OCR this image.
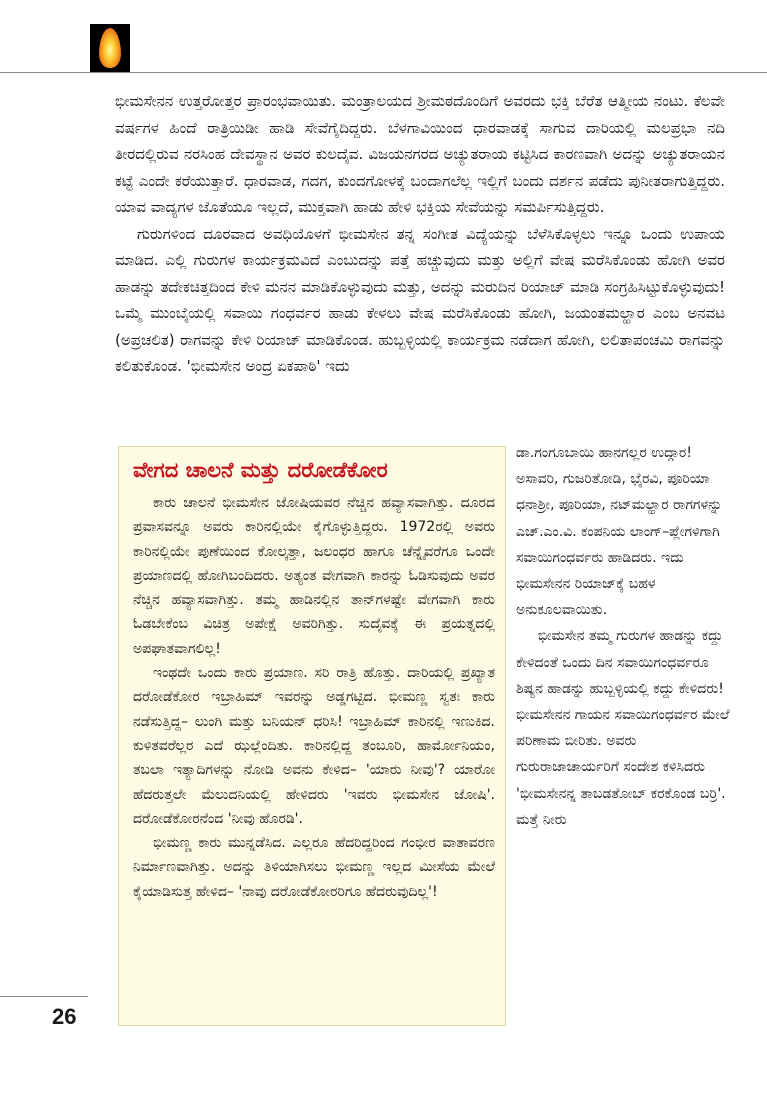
ಭೀಮಸೇನನ ಉತ್ತರೋತ್ತರ ಪ್ರಾರಂಭವಾಯಿತು. ಮಂತ್ರಾಲಯದ ಶ್ರೀಮಠದೊಂದಿಗೆ ಅವರದು ಭಕ್ತಿ ಬೆರೆತ ಆತ್ಮೀಯ ನಂಟು. ಕೆಲವೇ ವರ್ಷಗಳ ಹಿಂದೆ ರಾತ್ರಿಯಿಡೀ ಹಾಡಿ ಸೇವೆಗೈದಿದ್ದರು. ಬೆಳಗಾವಿಯಿಂದ ಧಾರವಾಡಕ್ಕೆ ಸಾಗುವ ದಾರಿಯಲ್ಲಿ ಮಲಪ್ರಭಾ ನದಿ ತೀರದಲ್ಲಿರುವ ನರಸಿಂಹ ದೇವಸ್ಥಾನ ಅವರ ಕುಲದೈವ. ವಿಜಯನಗರದ ಅಚ್ಯುತರಾಯ ಕಟ್ಟಿಸಿದ ಕಾರಣವಾಗಿ ಅದನ್ನು ಅಚ್ಯುತರಾಯನ ಕಟ್ಟೆ ಎಂದೇ ಕರೆಯುತ್ತಾರೆ. ಧಾರವಾಡ, ಗದಗ, ಕುಂದಗೋಳಕ್ಕೆ ಬಂದಾಗಲೆಲ್ಲ ಇಲ್ಲಿಗೆ ಬಂದು ದರ್ಶನ ಪಡೆದು ಪುನೀತರಾಗುತ್ತಿದ್ದರು. ಯಾವ ವಾದ್ಯಗಳ ಜೊತೆಯೂ ಇಲ್ಲದೆ, ಮುಕ್ತವಾಗಿ ಹಾಡು ಹೇಳಿ ಭಕ್ತಿಯ ಸೇವೆಯನ್ನು ಸಮರ್ಪಿಸುತ್ತಿದ್ದರು.

ಗುರುಗಳಿಂದ ದೂರವಾದ ಅವಧಿಯೊಳಗೆ ಭೀಮಸೇನ ತನ್ನ ಸಂಗೀತ ವಿದ್ಯೆಯನ್ನು ಬೆಳೆಸಿಕೊಳ್ಳಲು ಇನ್ನೂ ಒಂದು ಉಪಾಯ ಮಾಡಿದ. ಎಲ್ಲಿ ಗುರುಗಳ ಕಾರ್ಯಕ್ರಮವಿದೆ ಎಂಬುದನ್ನು ಪತ್ತೆ ಹಚ್ಚುವುದು ಮತ್ತು ಅಲ್ಲಿಗೆ ವೇಷ ಮರೆಸಿಕೊಂಡು ಹೋಗಿ ಅವರ ಹಾಡನ್ನು ತದೇಕಚಿತ್ತದಿಂದ ಕೇಳಿ ಮನನ ಮಾಡಿಕೊಳ್ಳುವುದು ಮತ್ತು, ಅದನ್ನು ಮರುದಿನ ರಿಯಾಜ್ ಮಾಡಿ ಸಂಗ್ರಹಿಸಿಟ್ಟುಕೊಳ್ಳುವುದು! ಒಮ್ಮೆ ಮುಂಬೈಯಲ್ಲಿ ಸವಾಯಿ ಗಂಧರ್ವರ ಹಾಡು ಕೇಳಲು ವೇಷ ಮರೆಸಿಕೊಂಡು ಹೋಗಿ, ಜಯಂತಮಲ್ಹಾರ ಎಂಬ ಅನವಟ (ಅಪ್ರಚಲಿತ) ರಾಗವನ್ನು ಕೇಳಿ ರಿಯಾಜ್ ಮಾಡಿಕೊಂಡ. ಹುಬ್ಬಳ್ಳಿಯಲ್ಲಿ ಕಾರ್ಯಕ್ರಮ ನಡೆದಾಗ ಹೋಗಿ, ಲಲಿತಾಪಂಚಮಿ ರಾಗವನ್ನು ಕಲಿತುಕೊಂಡ. 'ಭೀಮಸೇನ ಅಂದ್ರ ಏಕಪಾಠಿ' ಇದು

ವೇಗದ ಚಾಲನೆ ಮತ್ತು ದರೋಡೆಕೋರ

ಕಾರು ಚಾಲನೆ ಭೀಮಸೇನ ಜೋಷಿಯವರ ನೆಚ್ಚಿನ ಹವ್ಯಾಸವಾಗಿತ್ತು. ದೂರದ ಪ್ರವಾಸವನ್ನೂ ಅವರು ಕಾರಿನಲ್ಲಿಯೇ ಕೈಗೊಳ್ಳುತ್ತಿದ್ದರು. 1972ರಲ್ಲಿ ಅವರು ಕಾರಿನಲ್ಲಿಯೇ ಪುಣೆಯಿಂದ ಕೋಲ್ಕತ್ತಾ, ಜಲಂಧರ ಹಾಗೂ ಚೆನ್ನೈವರೆಗೂ ಒಂದೇ ಪ್ರಯಾಣದಲ್ಲಿ ಹೋಗಿಬಂದಿದರು. ಅತ್ಯಂತ ವೇಗವಾಗಿ ಕಾರನ್ನು ಓಡಿಸುವುದು ಅವರ ನೆಚ್ಚಿನ ಹವ್ಯಾಸವಾಗಿತ್ತು. ತಮ್ಮ ಹಾಡಿನಲ್ಲಿನ ತಾನ್‌ಗಳಷ್ಟೇ ವೇಗವಾಗಿ ಕಾರು ಓಡಬೇಕೆಂಬ ವಿಚಿತ್ರ ಅಪೇಕ್ಷೆ ಅವರಿಗಿತ್ತು. ಸುದೈವಕ್ಕೆ ಈ ಪ್ರಯತ್ನದಲ್ಲಿ ಅಪಘಾತವಾಗಲಿಲ್ಲ!

ಇಂಥದೇ ಒಂದು ಕಾರು ಪ್ರಯಾಣ. ಸರಿ ರಾತ್ರಿ ಹೊತ್ತು. ದಾರಿಯಲ್ಲಿ ಪ್ರಖ್ಯಾತ ದರೋಡೆಕೋರ ಇಬ್ರಾಹಿಮ್ ಇವರನ್ನು ಅಡ್ಡಗಟ್ಟಿದ. ಭೀಮಣ್ಣ ಸ್ವತಃ ಕಾರು ನಡೆಸುತ್ತಿದ್ದ– ಲುಂಗಿ ಮತ್ತು ಬನಿಯನ್ ಧರಿಸಿ! ಇಬ್ರಾಹಿಮ್ ಕಾರಿನಲ್ಲಿ ಇಣುಕಿದ. ಕುಳಿತವರೆಲ್ಲರ ಎದೆ ಝಲ್ಲೆಂದಿತು. ಕಾರಿನಲ್ಲಿದ್ದ ತಂಬೂರಿ, ಹಾರ್ಮೋನಿಯಂ, ತಬಲಾ ಇತ್ಯಾದಿಗಳನ್ನು ನೋಡಿ ಅವನು ಕೇಳಿದ– 'ಯಾರು ನೀವು'? ಯಾರೋ ಹೆದರುತ್ತಲೇ ಮೆಲುದನಿಯಲ್ಲಿ ಹೇಳಿದರು 'ಇವರು ಭೀಮಸೇನ ಜೋಷಿ'. ದರೋಡೆಕೋರನೆಂದ 'ನೀವು ಹೊರಡಿ'.

ಭೀಮಣ್ಣ ಕಾರು ಮುನ್ನಡೆಸಿದ. ಎಲ್ಲರೂ ಹೆದರಿದ್ದರಿಂದ ಗಂಭೀರ ವಾತಾವರಣ ನಿರ್ಮಾಣವಾಗಿತ್ತು. ಅದನ್ನು ತಿಳಿಯಾಗಿಸಲು ಭೀಮಣ್ಣ ಇಲ್ಲದ ಮೀಸೆಯ ಮೇಲೆ ಕೈಯಾಡಿಸುತ್ತ ಹೇಳಿದ– 'ನಾವು ದರೋಡೆಕೋರರಿಗೂ ಹೆದರುವುದಿಲ್ಲ'!

ಡಾ.ಗಂಗೂಬಾಯಿ ಹಾನಗಲ್ಲರ ಉದ್ಗಾರ! ಅಸಾವರಿ, ಗುಜರಿತೋಡಿ, ಭೈರವಿ, ಪೂರಿಯಾ ಧನಾಶ್ರೀ, ಪೂರಿಯಾ, ನಟ್‌ಮಲ್ಹಾರ ರಾಗಗಳನ್ನು ಎಚ್.ಎಂ.ವಿ. ಕಂಪನಿಯ ಲಾಂಗ್–ಪ್ಲೇಗಳಿಗಾಗಿ ಸವಾಯಿಗಂಧರ್ವರು ಹಾಡಿದರು. ಇದು ಭೀಮಸೇನನ ರಿಯಾಜ್‌ಕ್ಕೆ ಬಹಳ ಅನುಕೂಲವಾಯಿತು.

ಭೀಮಸೇನ ತಮ್ಮ ಗುರುಗಳ ಹಾಡನ್ನು ಕದ್ದು ಕೇಳಿದಂತೆ ಒಂದು ದಿನ ಸವಾಯಿಗಂಧರ್ವರೂ ಶಿಷ್ಯನ ಹಾಡನ್ನು ಹುಬ್ಬಳ್ಳಿಯಲ್ಲಿ ಕದ್ದು ಕೇಳಿದರು! ಭೀಮಸೇನನ ಗಾಯನ ಸವಾಯಿಗಂಧರ್ವರ ಮೇಲೆ ಪರಿಣಾಮ ಬೀರಿತು. ಅವರು ಗುರುರಾಜಾಚಾರ್ಯರಿಗೆ ಸಂದೇಶ ಕಳಿಸಿದರು 'ಭೀಮಸೇನನ್ನ ತಾಬಡತೋಬ್ ಕರಕೊಂಡ ಬರ್ರಿ'. ಮತ್ತೆ ನೀರು

26
